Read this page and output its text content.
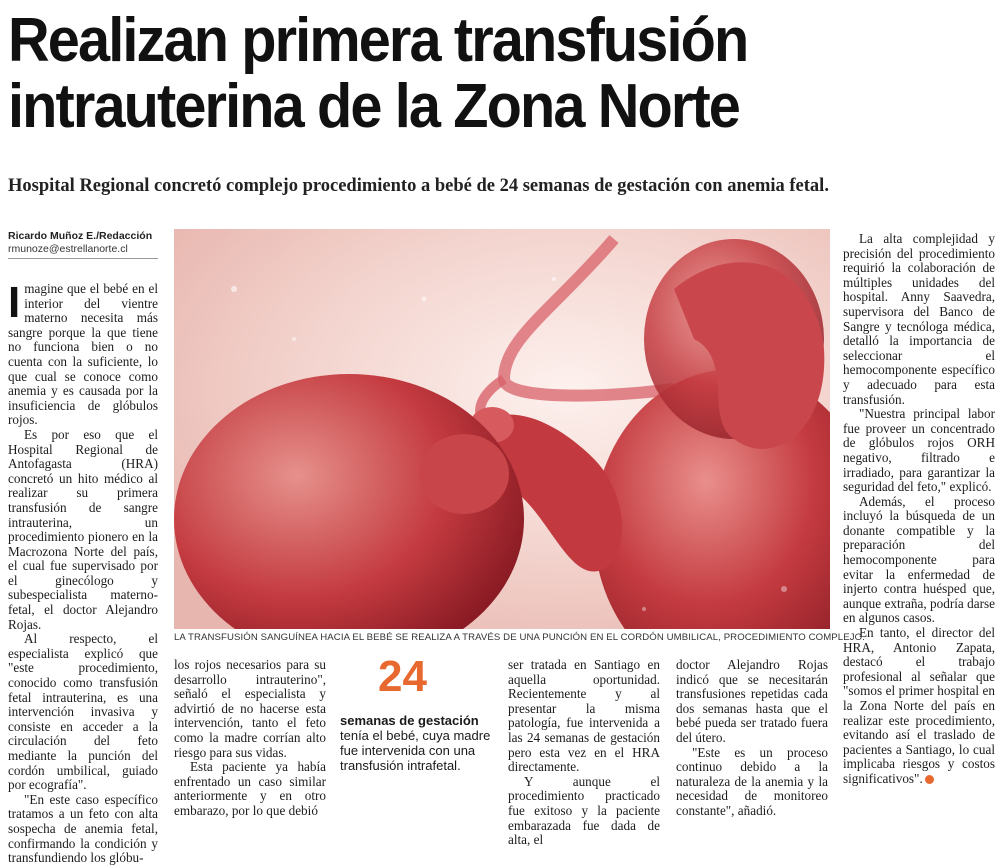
Realizan primera transfusión intrauterina de la Zona Norte

Hospital Regional concretó complejo procedimiento a bebé de 24 semanas de gestación con anemia fetal.

Ricardo Muñoz E./Redacción
rmunoze@estrellanorte.cl

Imagine que el bebé en el interior del vientre materno necesita más sangre porque la que tiene no funciona bien o no cuenta con la suficiente, lo que cual se conoce como anemia y es causada por la insuficiencia de glóbulos rojos.

Es por eso que el Hospital Regional de Antofagasta (HRA) concretó un hito médico al realizar su primera transfusión de sangre intrauterina, un procedimiento pionero en la Macrozona Norte del país, el cual fue supervisado por el ginecólogo y subespecialista materno-fetal, el doctor Alejandro Rojas.

Al respecto, el especialista explicó que "este procedimiento, conocido como transfusión fetal intrauterina, es una intervención invasiva y consiste en acceder a la circulación del feto mediante la punción del cordón umbilical, guiado por ecografía".

"En este caso específico tratamos a un feto con alta sospecha de anemia fetal, confirmando la condición y transfundiendo los glóbu-

LA TRANSFUSIÓN SANGUÍNEA HACIA EL BEBÉ SE REALIZA A TRAVÉS DE UNA PUNCIÓN EN EL CORDÓN UMBILICAL, PROCEDIMIENTO COMPLEJO.

los rojos necesarios para su desarrollo intrauterino", señaló el especialista y advirtió de no hacerse esta intervención, tanto el feto como la madre corrían alto riesgo para sus vidas.

Esta paciente ya había enfrentado un caso similar anteriormente y en otro embarazo, por lo que debió

24
semanas de gestación tenía el bebé, cuya madre fue intervenida con una transfusión intrafetal.

ser tratada en Santiago en aquella oportunidad. Recientemente y al presentar la misma patología, fue intervenida a las 24 semanas de gestación pero esta vez en el HRA directamente.

Y aunque el procedimiento practicado fue exitoso y la paciente embarazada fue dada de alta, el

doctor Alejandro Rojas indicó que se necesitarán transfusiones repetidas cada dos semanas hasta que el bebé pueda ser tratado fuera del útero.

"Este es un proceso continuo debido a la naturaleza de la anemia y la necesidad de monitoreo constante", añadió.

La alta complejidad y precisión del procedimiento requirió la colaboración de múltiples unidades del hospital. Anny Saavedra, supervisora del Banco de Sangre y tecnóloga médica, detalló la importancia de seleccionar el hemocomponente específico y adecuado para esta transfusión.

"Nuestra principal labor fue proveer un concentrado de glóbulos rojos ORH negativo, filtrado e irradiado, para garantizar la seguridad del feto," explicó.

Además, el proceso incluyó la búsqueda de un donante compatible y la preparación del hemocomponente para evitar la enfermedad de injerto contra huésped que, aunque extraña, podría darse en algunos casos.

En tanto, el director del HRA, Antonio Zapata, destacó el trabajo profesional al señalar que "somos el primer hospital en la Zona Norte del país en realizar este procedimiento, evitando así el traslado de pacientes a Santiago, lo cual implicaba riesgos y costos significativos".
